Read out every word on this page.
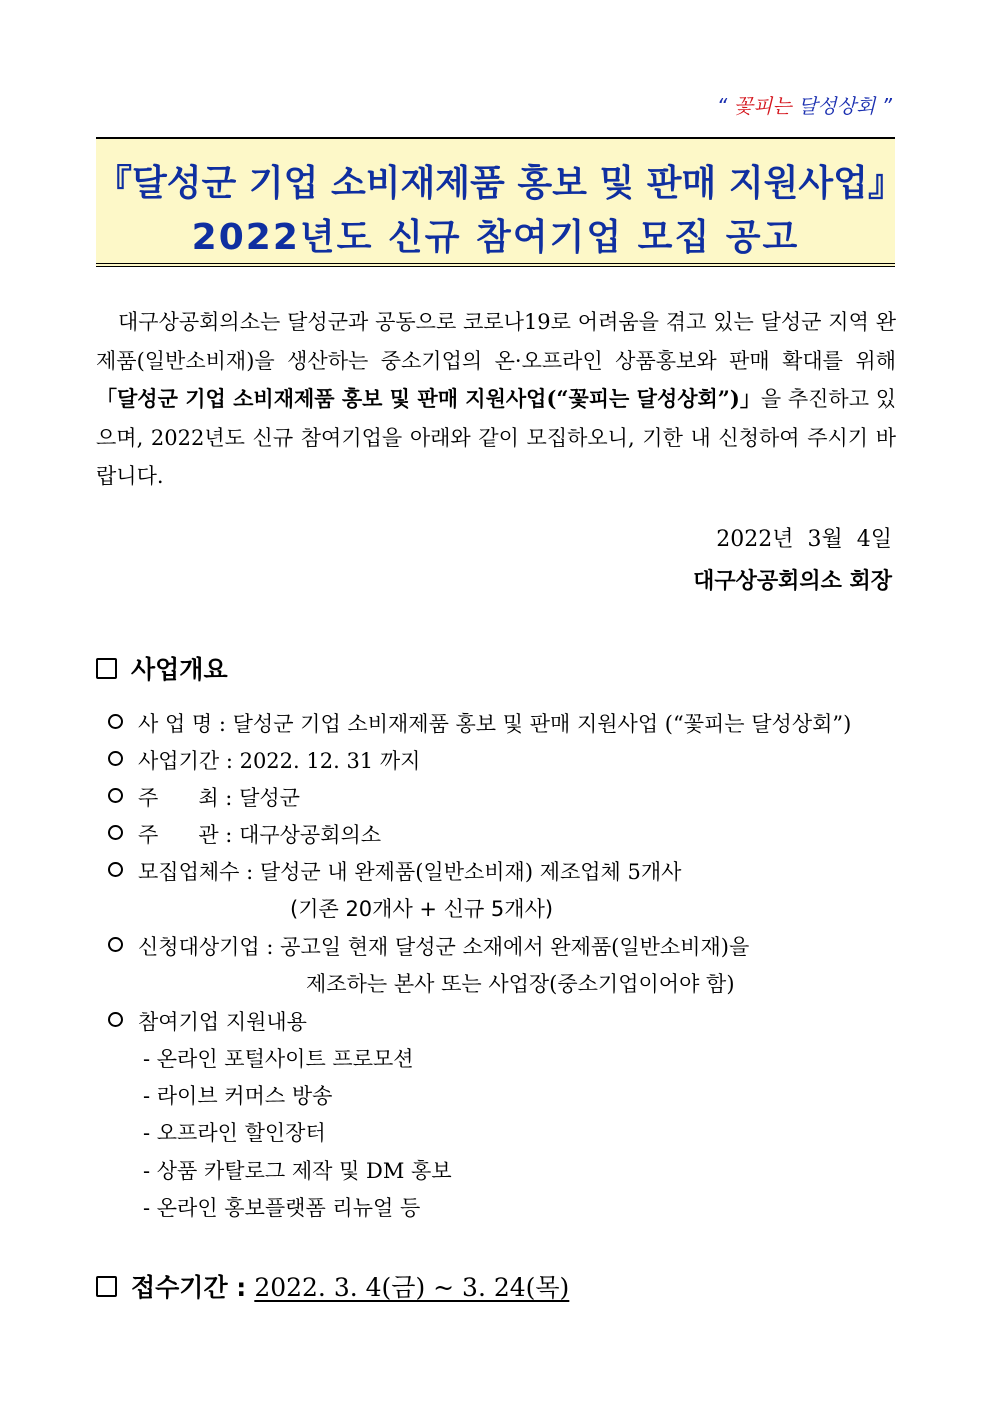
“ 꽃피는 달성상회 ”
『달성군 기업 소비재제품 홍보 및 판매 지원사업』
2022년도 신규 참여기업 모집 공고
대구상공회의소는 달성군과 공동으로 코로나19로 어려움을 겪고 있는 달성군 지역 완제품(일반소비재)을 생산하는 중소기업의 온·오프라인 상품홍보와 판매 확대를 위해 「달성군 기업 소비재제품 홍보 및 판매 지원사업(“꽃피는 달성상회”)」을 추진하고 있으며, 2022년도 신규 참여기업을 아래와 같이 모집하오니, 기한 내 신청하여 주시기 바랍니다.
2022년  3월  4일
대구상공회의소 회장
사업개요
사 업 명 : 달성군 기업 소비재제품 홍보 및 판매 지원사업 (“꽃피는 달성상회”)
사업기간 : 2022. 12. 31 까지
주      최 : 달성군
주      관 : 대구상공회의소
모집업체수 : 달성군 내 완제품(일반소비재) 제조업체 5개사
(기존 20개사 + 신규 5개사)
신청대상기업 : 공고일 현재 달성군 소재에서 완제품(일반소비재)을
제조하는 본사 또는 사업장(중소기업이어야 함)
참여기업 지원내용
- 온라인 포털사이트 프로모션
- 라이브 커머스 방송
- 오프라인 할인장터
- 상품 카탈로그 제작 및 DM 홍보
- 온라인 홍보플랫폼 리뉴얼 등
접수기간 : 2022. 3. 4(금) ~ 3. 24(목)
